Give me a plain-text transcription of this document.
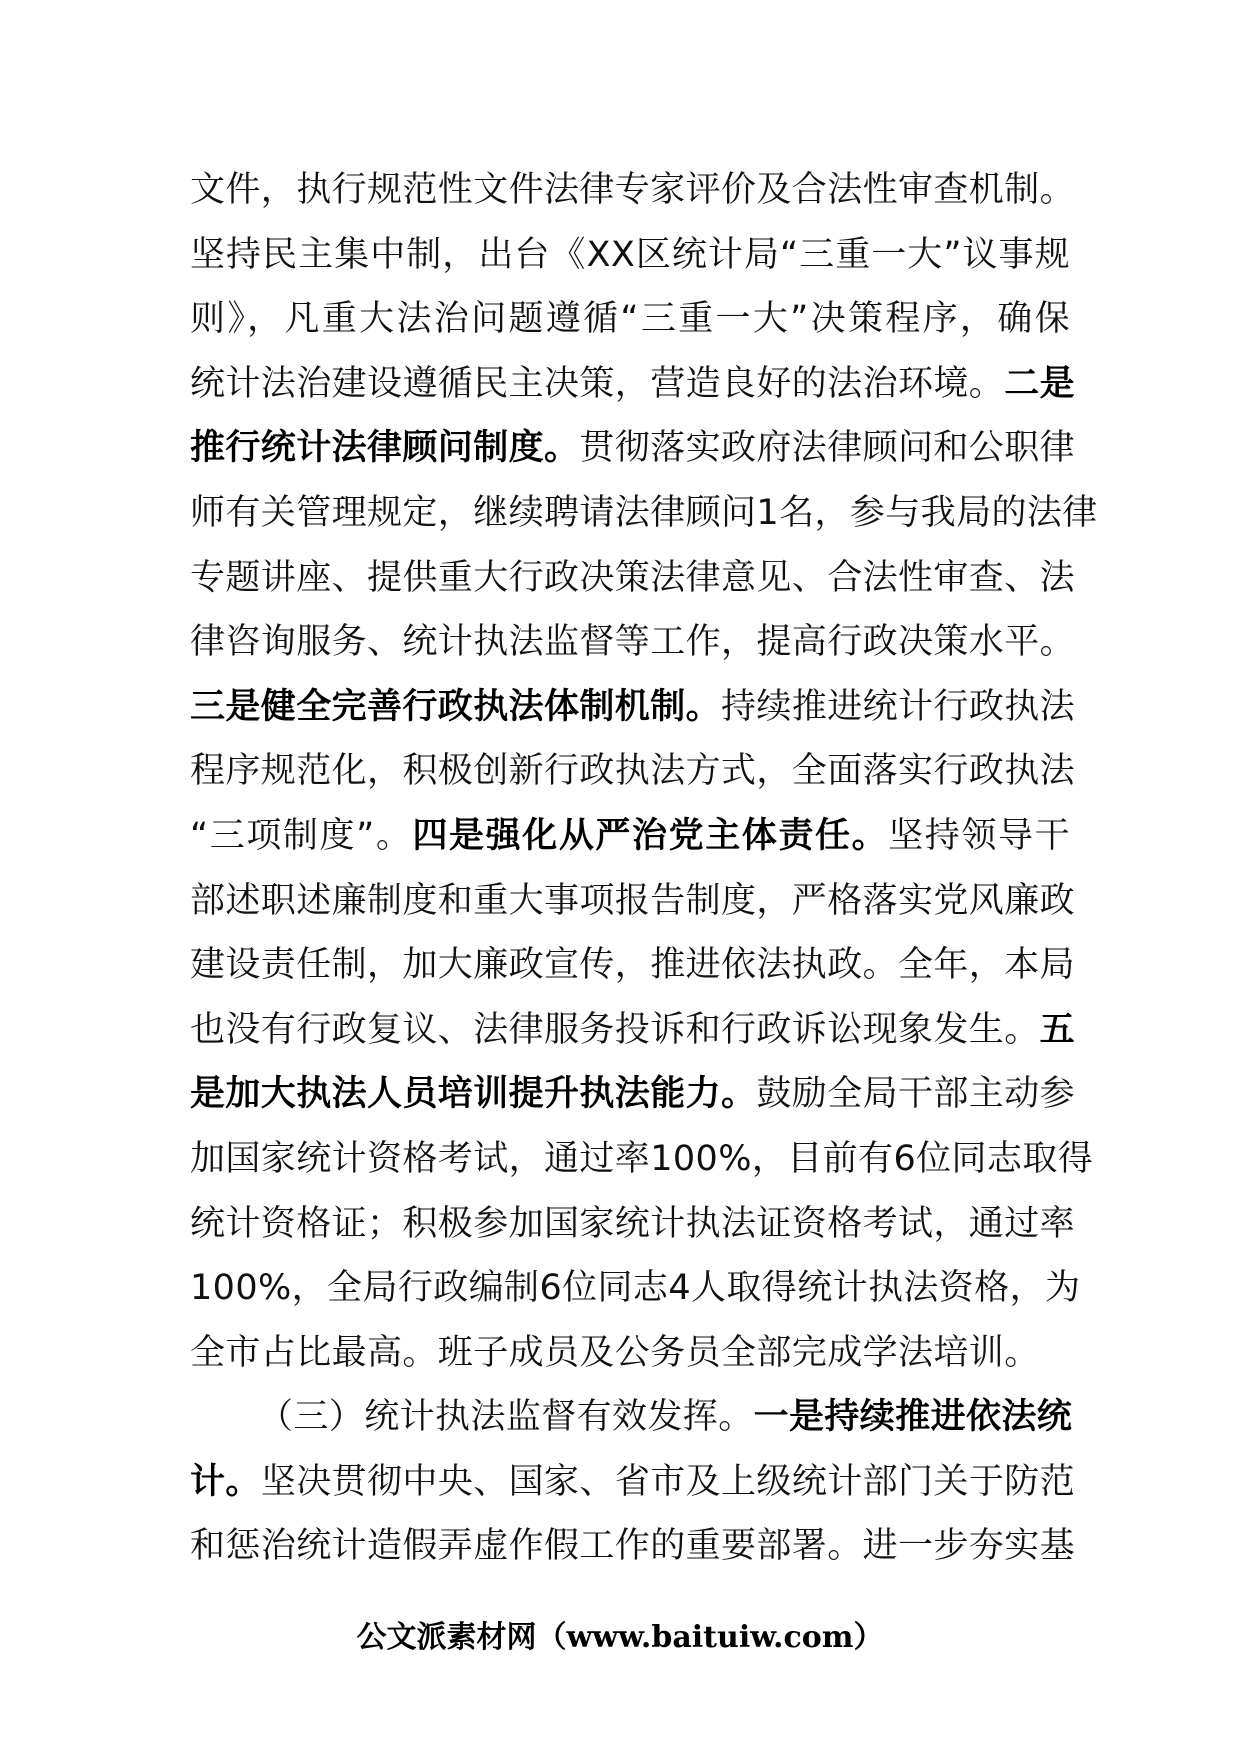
文件，执行规范性文件法律专家评价及合法性审查机制。
坚持民主集中制，出台《XX区统计局“三重一大”议事规
则》，凡重大法治问题遵循“三重一大”决策程序，确保
统计法治建设遵循民主决策，营造良好的法治环境。二是
推行统计法律顾问制度。贯彻落实政府法律顾问和公职律
师有关管理规定，继续聘请法律顾问1名，参与我局的法律
专题讲座、提供重大行政决策法律意见、合法性审查、法
律咨询服务、统计执法监督等工作，提高行政决策水平。
三是健全完善行政执法体制机制。持续推进统计行政执法
程序规范化，积极创新行政执法方式，全面落实行政执法
“三项制度”。四是强化从严治党主体责任。坚持领导干
部述职述廉制度和重大事项报告制度，严格落实党风廉政
建设责任制，加大廉政宣传，推进依法执政。全年，本局
也没有行政复议、法律服务投诉和行政诉讼现象发生。五
是加大执法人员培训提升执法能力。鼓励全局干部主动参
加国家统计资格考试，通过率100%，目前有6位同志取得
统计资格证；积极参加国家统计执法证资格考试，通过率
100%，全局行政编制6位同志4人取得统计执法资格，为
全市占比最高。班子成员及公务员全部完成学法培训。
（三）统计执法监督有效发挥。一是持续推进依法统
计。坚决贯彻中央、国家、省市及上级统计部门关于防范
和惩治统计造假弄虚作假工作的重要部署。进一步夯实基
公文派素材网（www.baituiw.com）
